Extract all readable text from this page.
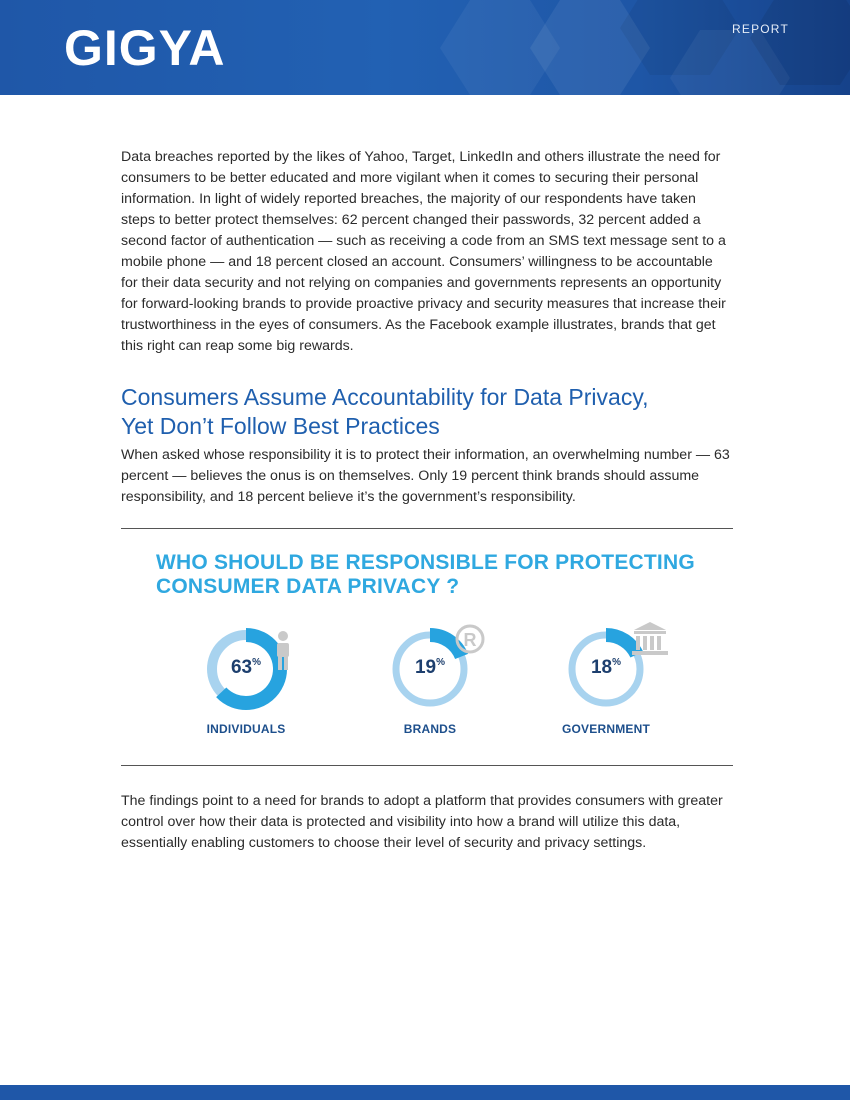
GIGYA	REPORT

Data breaches reported by the likes of Yahoo, Target, LinkedIn and others illustrate the need for consumers to be better educated and more vigilant when it comes to securing their personal information. In light of widely reported breaches, the majority of our respondents have taken steps to better protect themselves: 62 percent changed their passwords, 32 percent added a second factor of authentication — such as receiving a code from an SMS text message sent to a mobile phone — and 18 percent closed an account. Consumers’ willingness to be accountable for their data security and not relying on companies and governments represents an opportunity for forward-looking brands to provide proactive privacy and security measures that increase their trustworthiness in the eyes of consumers. As the Facebook example illustrates, brands that get this right can reap some big rewards.

Consumers Assume Accountability for Data Privacy,
Yet Don’t Follow Best Practices

When asked whose responsibility it is to protect their information, an overwhelming number — 63 percent — believes the onus is on themselves. Only 19 percent think brands should assume responsibility, and 18 percent believe it’s the government’s responsibility.

WHO SHOULD BE RESPONSIBLE FOR PROTECTING
CONSUMER DATA PRIVACY ?
63%
INDIVIDUALS
R
19%
BRANDS
18%
GOVERNMENT

The findings point to a need for brands to adopt a platform that provides consumers with greater control over how their data is protected and visibility into how a brand will utilize this data, essentially enabling customers to choose their level of security and privacy settings.
